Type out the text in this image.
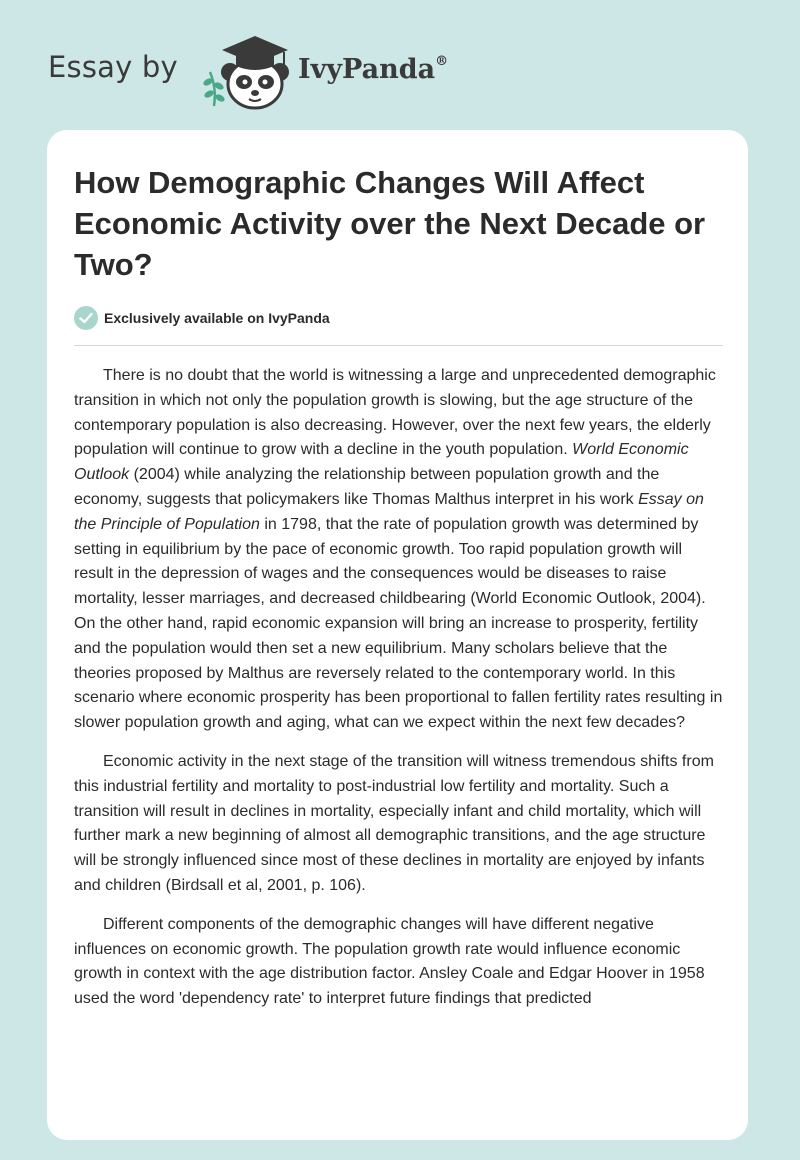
Essay by	IvyPanda®
How Demographic Changes Will Affect Economic Activity over the Next Decade or Two?
Exclusively available on IvyPanda

There is no doubt that the world is witnessing a large and unprecedented demographic transition in which not only the population growth is slowing, but the age structure of the contemporary population is also decreasing. However, over the next few years, the elderly population will continue to grow with a decline in the youth population. World Economic Outlook (2004) while analyzing the relationship between population growth and the economy, suggests that policymakers like Thomas Malthus interpret in his work Essay on the Principle of Population in 1798, that the rate of population growth was determined by setting in equilibrium by the pace of economic growth. Too rapid population growth will result in the depression of wages and the consequences would be diseases to raise mortality, lesser marriages, and decreased childbearing (World Economic Outlook, 2004). On the other hand, rapid economic expansion will bring an increase to prosperity, fertility and the population would then set a new equilibrium. Many scholars believe that the theories proposed by Malthus are reversely related to the contemporary world. In this scenario where economic prosperity has been proportional to fallen fertility rates resulting in slower population growth and aging, what can we expect within the next few decades?

Economic activity in the next stage of the transition will witness tremendous shifts from this industrial fertility and mortality to post-industrial low fertility and mortality. Such a transition will result in declines in mortality, especially infant and child mortality, which will further mark a new beginning of almost all demographic transitions, and the age structure will be strongly influenced since most of these declines in mortality are enjoyed by infants and children (Birdsall et al, 2001, p. 106).

Different components of the demographic changes will have different negative influences on economic growth. The population growth rate would influence economic growth in context with the age distribution factor. Ansley Coale and Edgar Hoover in 1958 used the word 'dependency rate' to interpret future findings that predicted
